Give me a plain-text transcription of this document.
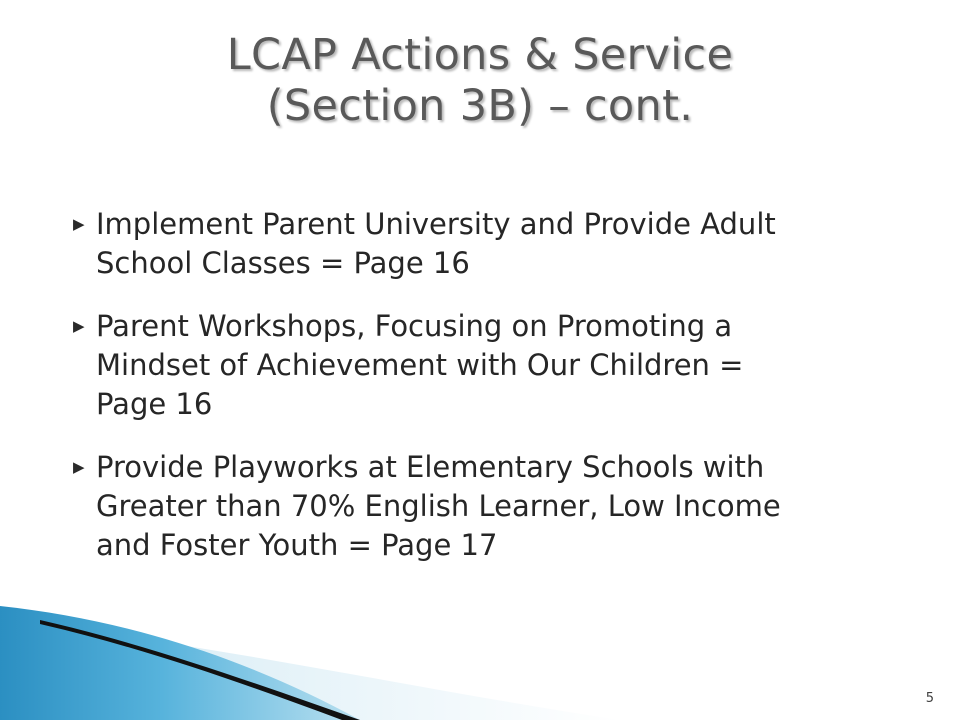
LCAP Actions & Service
(Section 3B) – cont.
▶ Implement Parent University and Provide Adult
School Classes = Page 16
▶ Parent Workshops, Focusing on Promoting a
Mindset of Achievement with Our Children =
Page 16
▶ Provide Playworks at Elementary Schools with
Greater than 70% English Learner, Low Income
and Foster Youth = Page 17
5
